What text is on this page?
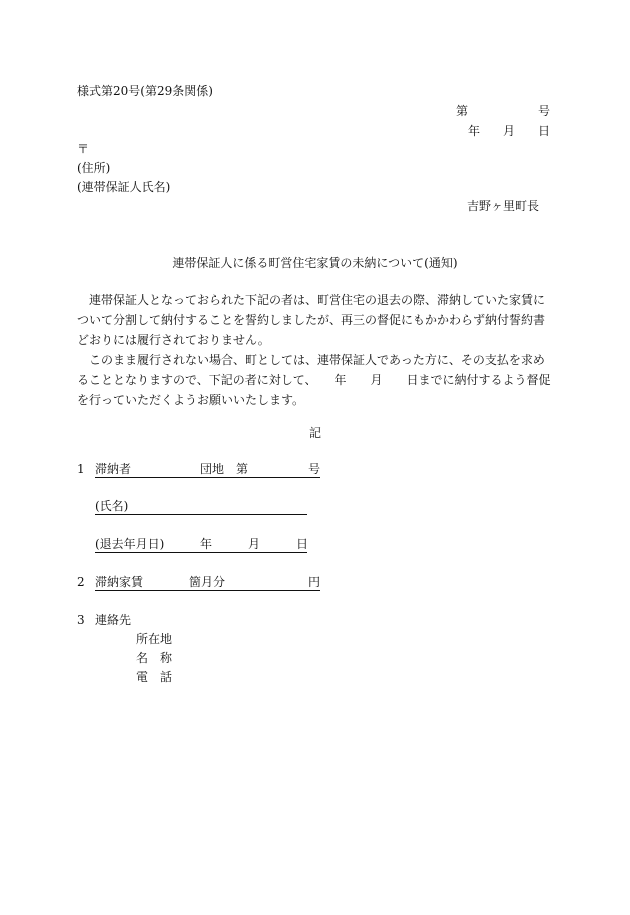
様式第20号(第29条関係)
第	号
年 月 日
〒
(住所)
(連帯保証人氏名)
吉野ヶ里町長
連帯保証人に係る町営住宅家賃の未納について(通知)

連帯保証人となっておられた下記の者は、町営住宅の退去の際、滞納していた家賃について分割して納付することを誓約しましたが、再三の督促にもかかわらず納付誓約書どおりには履行されておりません。

このまま履行されない場合、町としては、連帯保証人であった方に、その支払を求めることとなりますので、下記の者に対して、　　年　　月　　日までに納付するよう督促を行っていただくようお願いいたします。

記
1 滞納者	団地 第	号
(氏名)
(退去年月日)	年	月	日
2 滞納家賃	箇月分	円
3 連絡先
所在地
名　称
電　話
